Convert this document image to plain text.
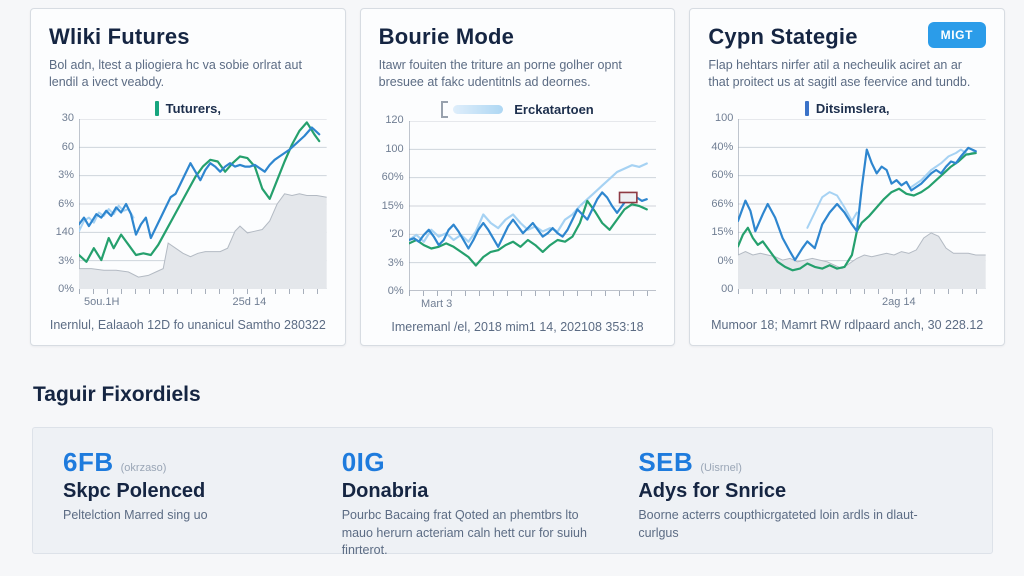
Wliki Futures
Bol adn, ltest a pliogiera hc va sobie orlrat aut lendil a ivect veabdy.
Tuturers,
30
60
3%
6%
140
3%
0%
5ou.1H	25d 14
Inernlul, Ealaaoh 12D fo unanicul Samtho 280322
Bourie Mode
Itawr fouiten the triture an porne golher opnt bresuee at fakc udentitnls ad deornes.
Erckatartoen
120
100
60%
15%
'20
3%
0%
Mart 3
Imeremanl /el, 2018 mim1 14, 202108 353:18
Cypn Stategie	MIGT
Flap hehtars nirfer atil a necheulik aciret an ar that proitect us at sagitl ase feervice and tundb.
Ditsimslera,
100
40%
60%
66%
15%
0%
00
2ag 14
Mumoor 18; Mamrt RW rdlpaard anch, 30 228.12
Taguir Fixordiels
6FB (okrzaso)
Skpc Polenced
Peltelction Marred sing uo
0IG
Donabria
Pourbc Bacaing frat Qoted an phemtbrs lto mauo herurn acteriam caln hett cur for suiuh finrterot.
SEB (Uisrnel)
Adys for Snrice
Boorne acterrs coupthicrgateted loin ardls in dlaut-curlgus
